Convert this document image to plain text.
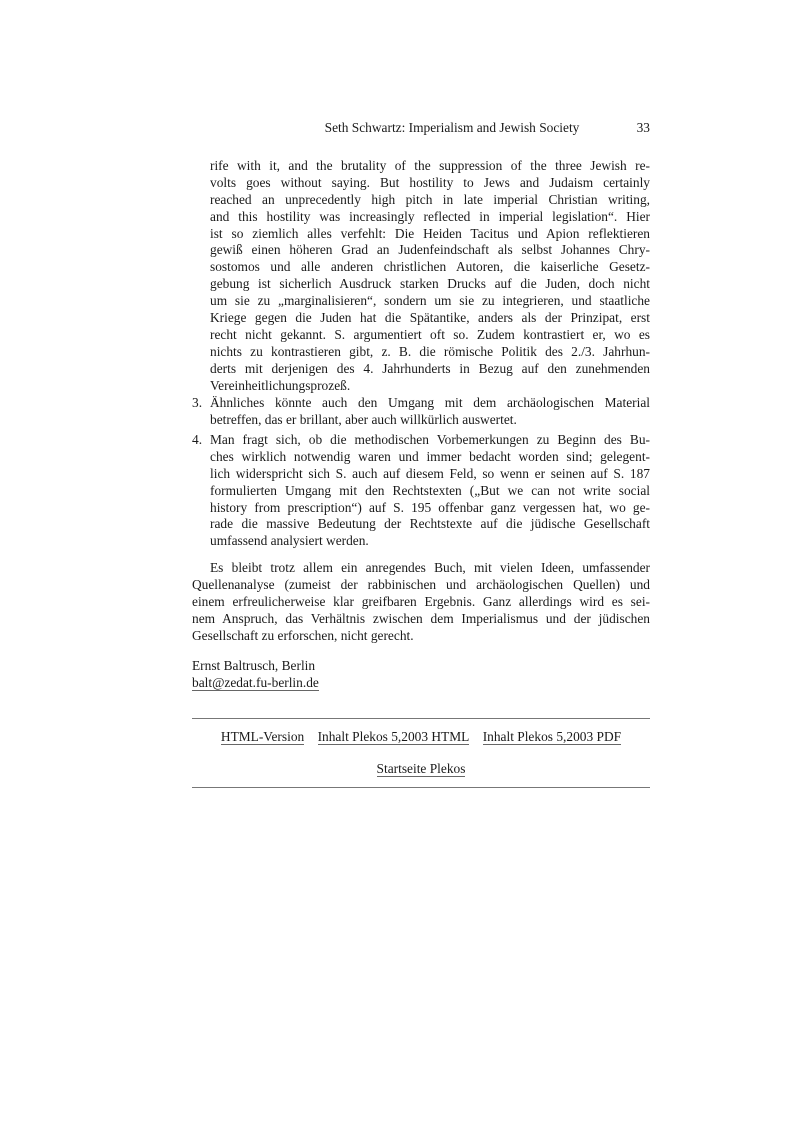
Seth Schwartz: Imperialism and Jewish Society	33
rife with it, and the brutality of the suppression of the three Jewish re-
volts goes without saying. But hostility to Jews and Judaism certainly
reached an unprecedently high pitch in late imperial Christian writing,
and this hostility was increasingly reflected in imperial legislation“. Hier
ist so ziemlich alles verfehlt: Die Heiden Tacitus und Apion reflektieren
gewiß einen höheren Grad an Judenfeindschaft als selbst Johannes Chry-
sostomos und alle anderen christlichen Autoren, die kaiserliche Gesetz-
gebung ist sicherlich Ausdruck starken Drucks auf die Juden, doch nicht
um sie zu „marginalisieren“, sondern um sie zu integrieren, und staatliche
Kriege gegen die Juden hat die Spätantike, anders als der Prinzipat, erst
recht nicht gekannt. S. argumentiert oft so. Zudem kontrastiert er, wo es
nichts zu kontrastieren gibt, z. B. die römische Politik des 2./3. Jahrhun-
derts mit derjenigen des 4. Jahrhunderts in Bezug auf den zunehmenden
Vereinheitlichungsprozeß.
3. Ähnliches könnte auch den Umgang mit dem archäologischen Material
betreffen, das er brillant, aber auch willkürlich auswertet.
4. Man fragt sich, ob die methodischen Vorbemerkungen zu Beginn des Bu-
ches wirklich notwendig waren und immer bedacht worden sind; gelegent-
lich widerspricht sich S. auch auf diesem Feld, so wenn er seinen auf S. 187
formulierten Umgang mit den Rechtstexten („But we can not write social
history from prescription“) auf S. 195 offenbar ganz vergessen hat, wo ge-
rade die massive Bedeutung der Rechtstexte auf die jüdische Gesellschaft
umfassend analysiert werden.
Es bleibt trotz allem ein anregendes Buch, mit vielen Ideen, umfassender
Quellenanalyse (zumeist der rabbinischen und archäologischen Quellen) und
einem erfreulicherweise klar greifbaren Ergebnis. Ganz allerdings wird es sei-
nem Anspruch, das Verhältnis zwischen dem Imperialismus und der jüdischen
Gesellschaft zu erforschen, nicht gerecht.
Ernst Baltrusch, Berlin
balt@zedat.fu-berlin.de
HTML-Version Inhalt Plekos 5,2003 HTML Inhalt Plekos 5,2003 PDF
Startseite Plekos
